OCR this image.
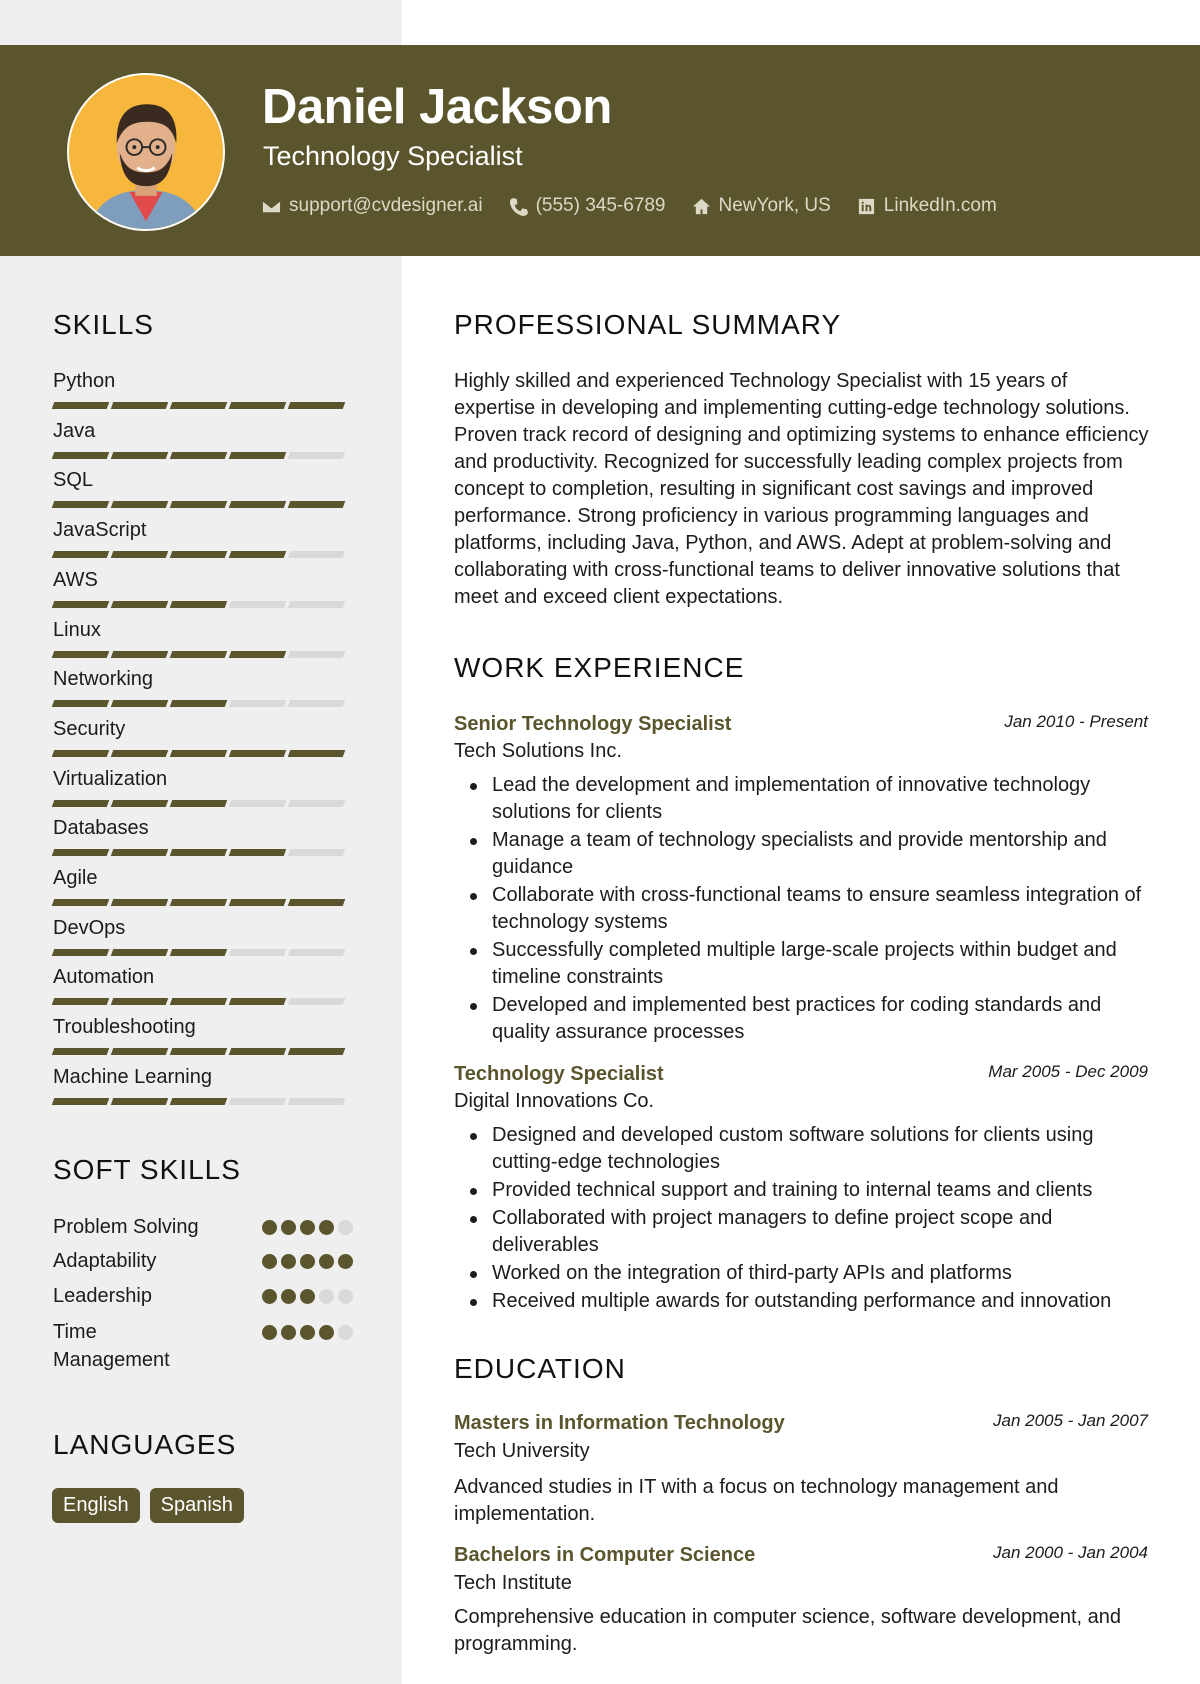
Daniel Jackson
Technology Specialist
support@cvdesigner.ai	(555) 345-6789	NewYork, US	LinkedIn.com
SKILLS
Python
Java
SQL
JavaScript
AWS
Linux
Networking
Security
Virtualization
Databases
Agile
DevOps
Automation
Troubleshooting
Machine Learning
SOFT SKILLS
Problem Solving
Adaptability
Leadership
Time Management
LANGUAGES
English	Spanish
PROFESSIONAL SUMMARY
Highly skilled and experienced Technology Specialist with 15 years of expertise in developing and implementing cutting-edge technology solutions. Proven track record of designing and optimizing systems to enhance efficiency and productivity. Recognized for successfully leading complex projects from concept to completion, resulting in significant cost savings and improved performance. Strong proficiency in various programming languages and platforms, including Java, Python, and AWS. Adept at problem-solving and collaborating with cross-functional teams to deliver innovative solutions that meet and exceed client expectations.
WORK EXPERIENCE
Senior Technology Specialist	Jan 2010 - Present
Tech Solutions Inc.
Lead the development and implementation of innovative technology solutions for clients
Manage a team of technology specialists and provide mentorship and guidance
Collaborate with cross-functional teams to ensure seamless integration of technology systems
Successfully completed multiple large-scale projects within budget and timeline constraints
Developed and implemented best practices for coding standards and quality assurance processes
Technology Specialist	Mar 2005 - Dec 2009
Digital Innovations Co.
Designed and developed custom software solutions for clients using cutting-edge technologies
Provided technical support and training to internal teams and clients
Collaborated with project managers to define project scope and deliverables
Worked on the integration of third-party APIs and platforms
Received multiple awards for outstanding performance and innovation
EDUCATION
Masters in Information Technology	Jan 2005 - Jan 2007
Tech University
Advanced studies in IT with a focus on technology management and implementation.
Bachelors in Computer Science	Jan 2000 - Jan 2004
Tech Institute
Comprehensive education in computer science, software development, and programming.
